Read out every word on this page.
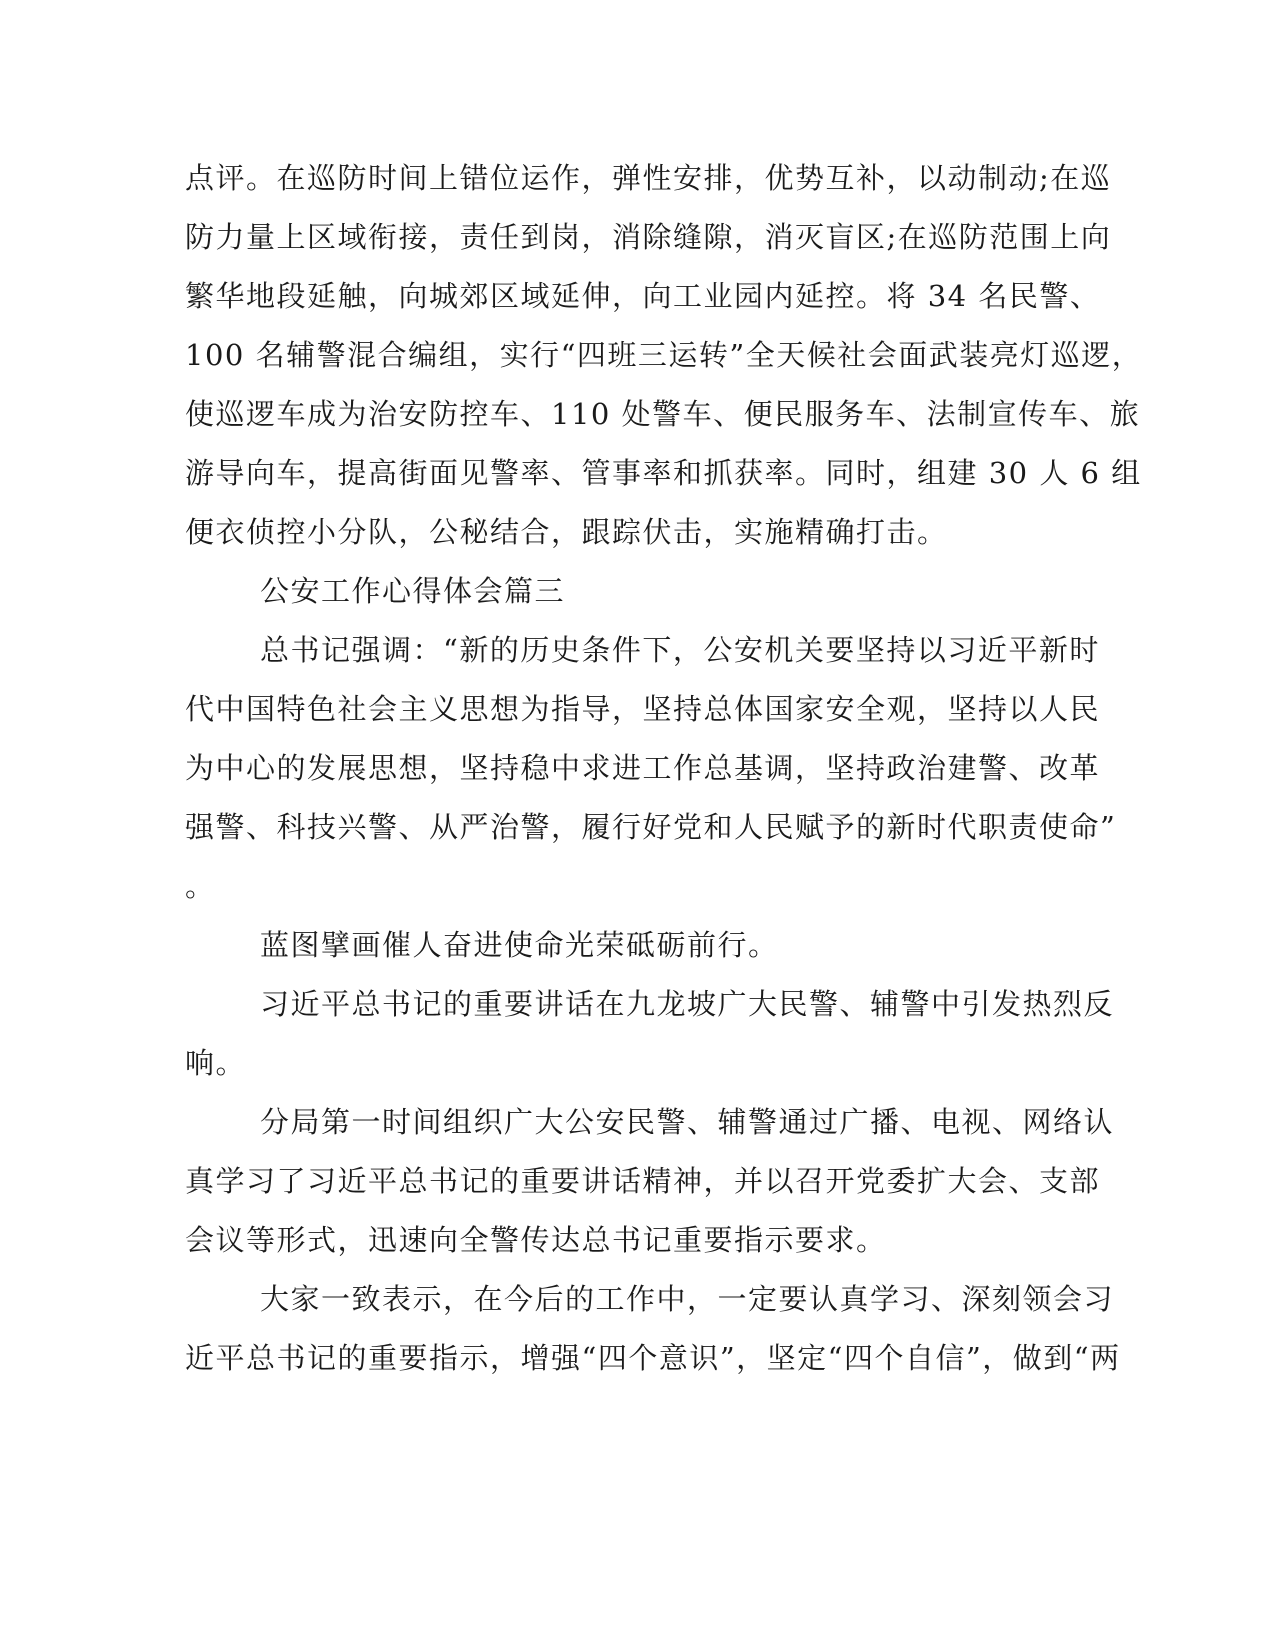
点评。在巡防时间上错位运作，弹性安排，优势互补，以动制动;在巡
防力量上区域衔接，责任到岗，消除缝隙，消灭盲区;在巡防范围上向
繁华地段延触，向城郊区域延伸，向工业园内延控。将 34 名民警、
100 名辅警混合编组，实行“四班三运转”全天候社会面武装亮灯巡逻，
使巡逻车成为治安防控车、110 处警车、便民服务车、法制宣传车、旅
游导向车，提高街面见警率、管事率和抓获率。同时，组建 30 人 6 组
便衣侦控小分队，公秘结合，跟踪伏击，实施精确打击。
公安工作心得体会篇三
总书记强调：“新的历史条件下，公安机关要坚持以习近平新时
代中国特色社会主义思想为指导，坚持总体国家安全观，坚持以人民
为中心的发展思想，坚持稳中求进工作总基调，坚持政治建警、改革
强警、科技兴警、从严治警，履行好党和人民赋予的新时代职责使命”
。
蓝图擘画催人奋进使命光荣砥砺前行。
习近平总书记的重要讲话在九龙坡广大民警、辅警中引发热烈反
响。
分局第一时间组织广大公安民警、辅警通过广播、电视、网络认
真学习了习近平总书记的重要讲话精神，并以召开党委扩大会、支部
会议等形式，迅速向全警传达总书记重要指示要求。
大家一致表示，在今后的工作中，一定要认真学习、深刻领会习
近平总书记的重要指示，增强“四个意识”，坚定“四个自信”，做到“两
